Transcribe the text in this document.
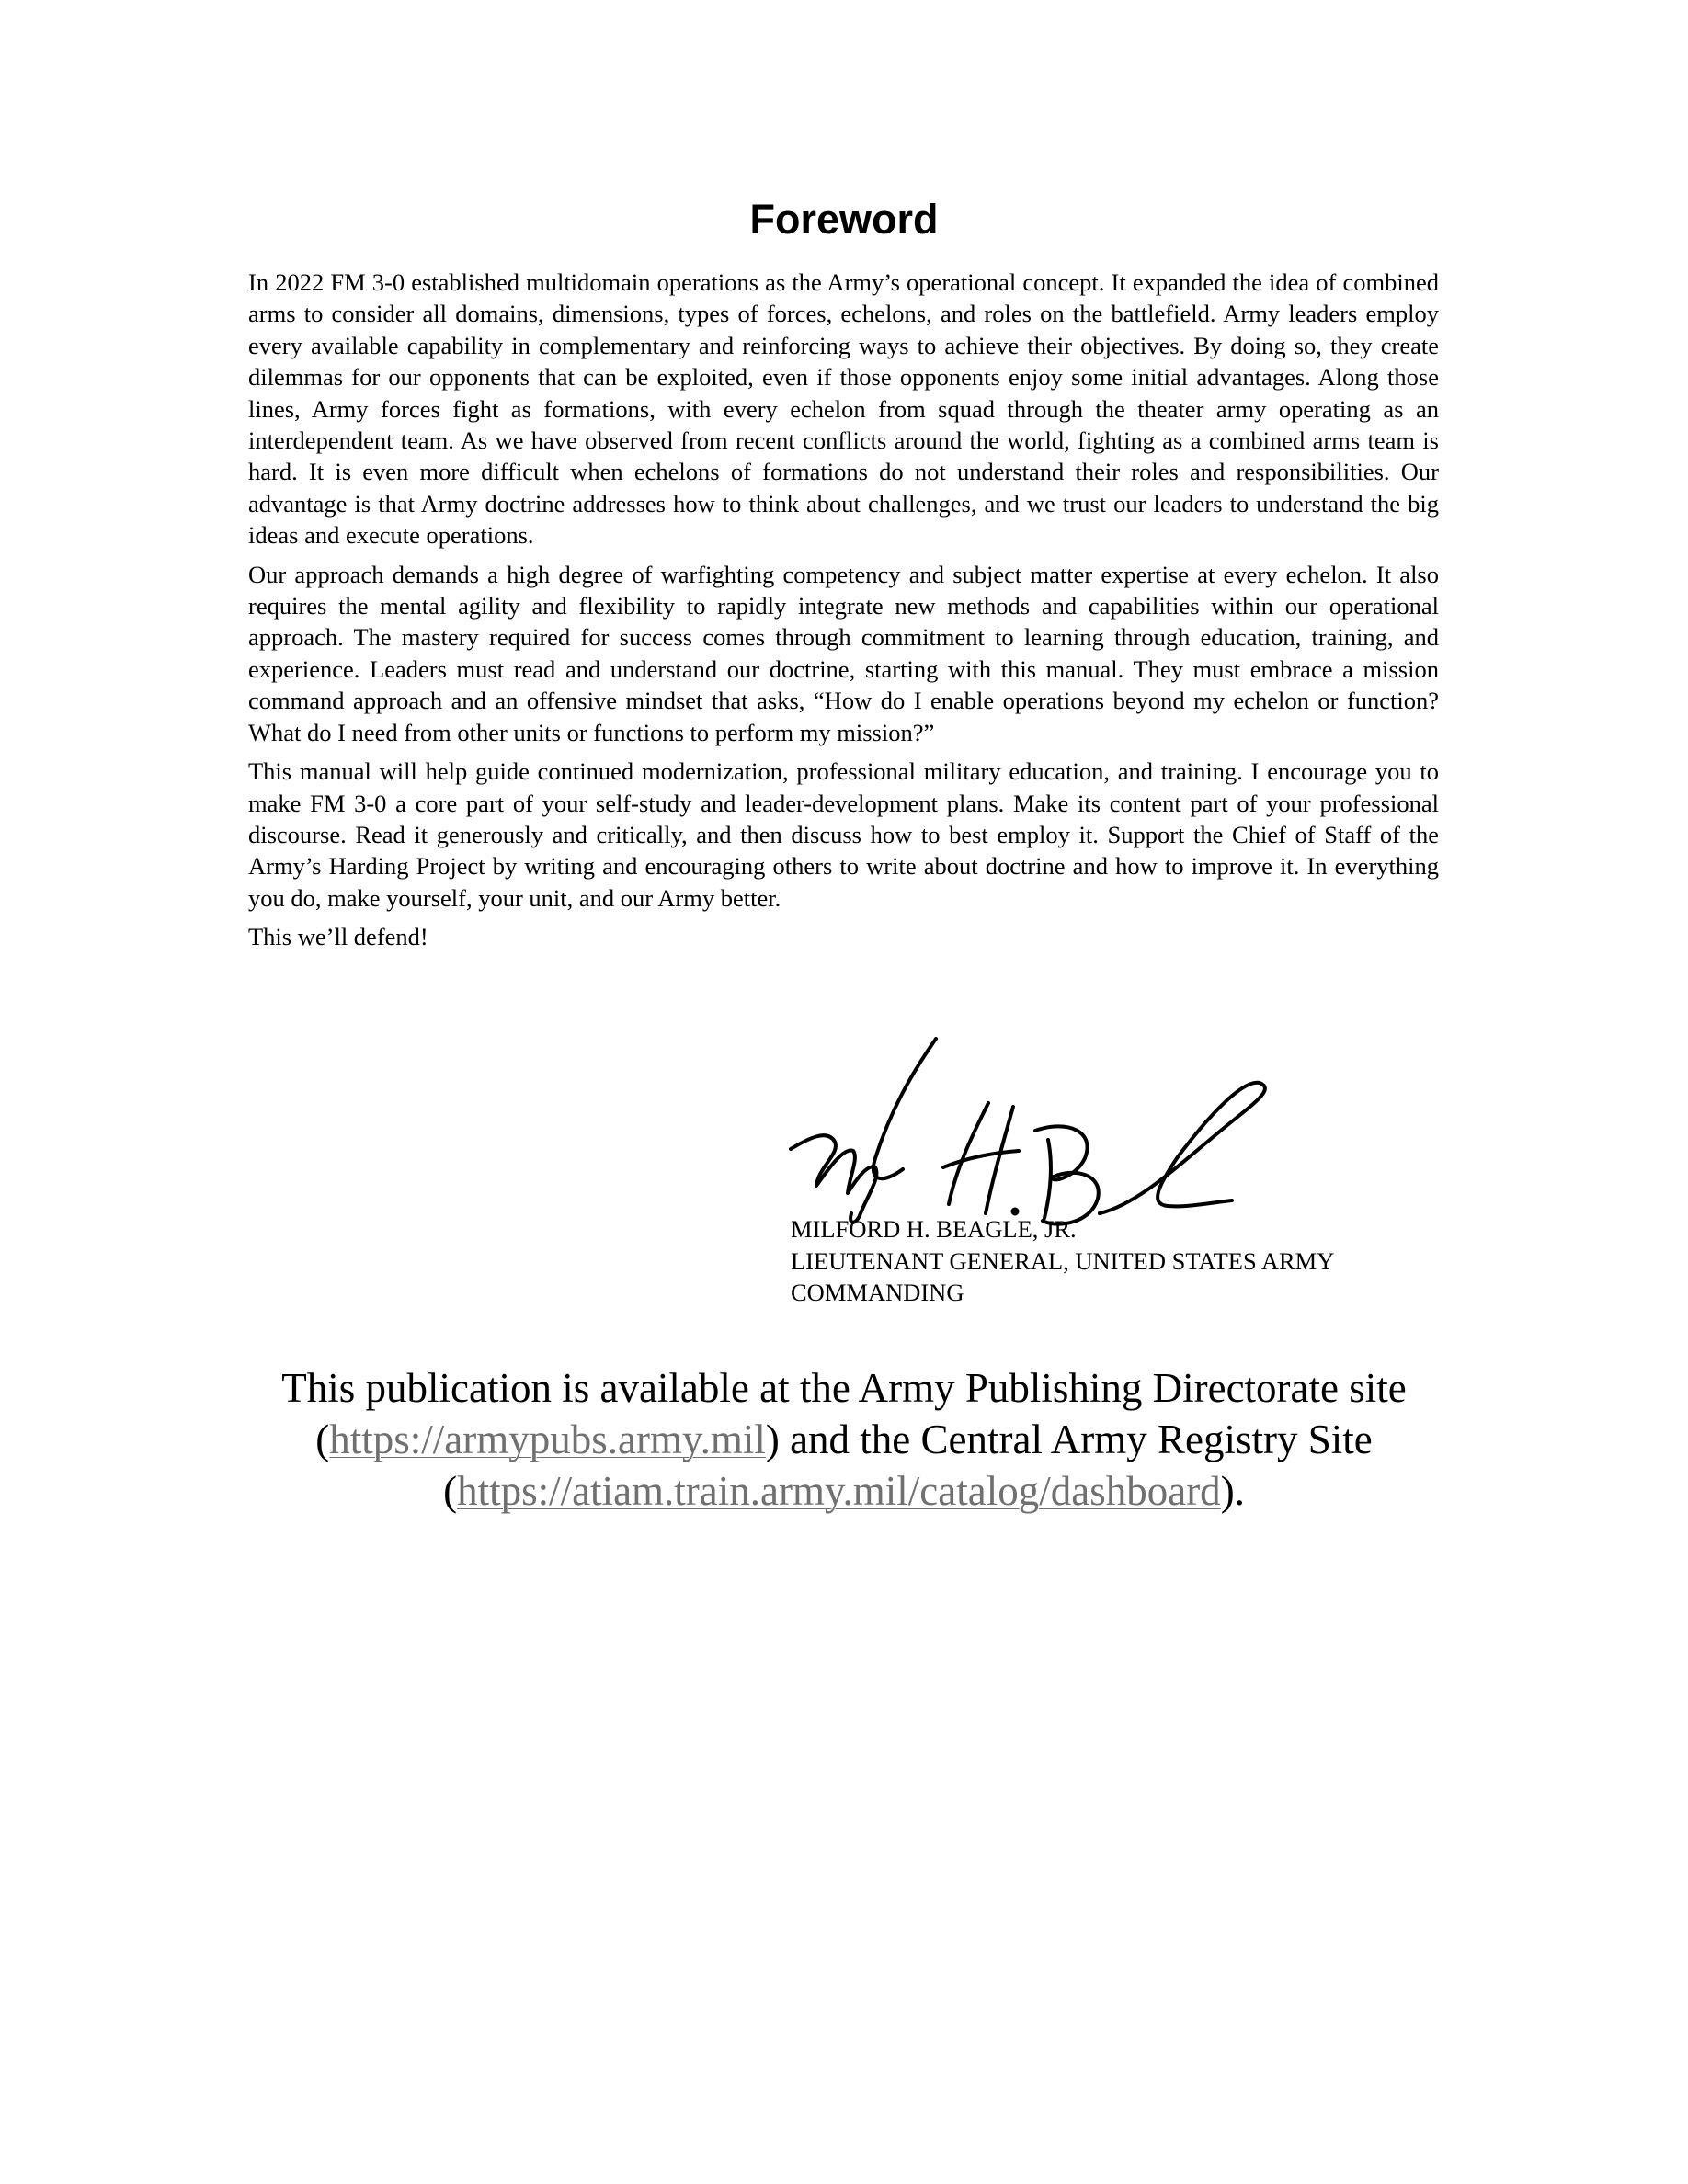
Foreword

In 2022 FM 3-0 established multidomain operations as the Army’s operational concept. It expanded the idea of combined arms to consider all domains, dimensions, types of forces, echelons, and roles on the battlefield. Army leaders employ every available capability in complementary and reinforcing ways to achieve their objectives. By doing so, they create dilemmas for our opponents that can be exploited, even if those opponents enjoy some initial advantages. Along those lines, Army forces fight as formations, with every echelon from squad through the theater army operating as an interdependent team. As we have observed from recent conflicts around the world, fighting as a combined arms team is hard. It is even more difficult when echelons of formations do not understand their roles and responsibilities. Our advantage is that Army doctrine addresses how to think about challenges, and we trust our leaders to understand the big ideas and execute operations.

Our approach demands a high degree of warfighting competency and subject matter expertise at every echelon. It also requires the mental agility and flexibility to rapidly integrate new methods and capabilities within our operational approach. The mastery required for success comes through commitment to learning through education, training, and experience. Leaders must read and understand our doctrine, starting with this manual. They must embrace a mission command approach and an offensive mindset that asks, “How do I enable operations beyond my echelon or function? What do I need from other units or functions to perform my mission?”

This manual will help guide continued modernization, professional military education, and training. I encourage you to make FM 3-0 a core part of your self-study and leader-development plans. Make its content part of your professional discourse. Read it generously and critically, and then discuss how to best employ it. Support the Chief of Staff of the Army’s Harding Project by writing and encouraging others to write about doctrine and how to improve it. In everything you do, make yourself, your unit, and our Army better.

This we’ll defend!

MILFORD H. BEAGLE, JR.
LIEUTENANT GENERAL, UNITED STATES ARMY
COMMANDING
This publication is available at the Army Publishing Directorate site
(https://armypubs.army.mil) and the Central Army Registry Site
(https://atiam.train.army.mil/catalog/dashboard).
